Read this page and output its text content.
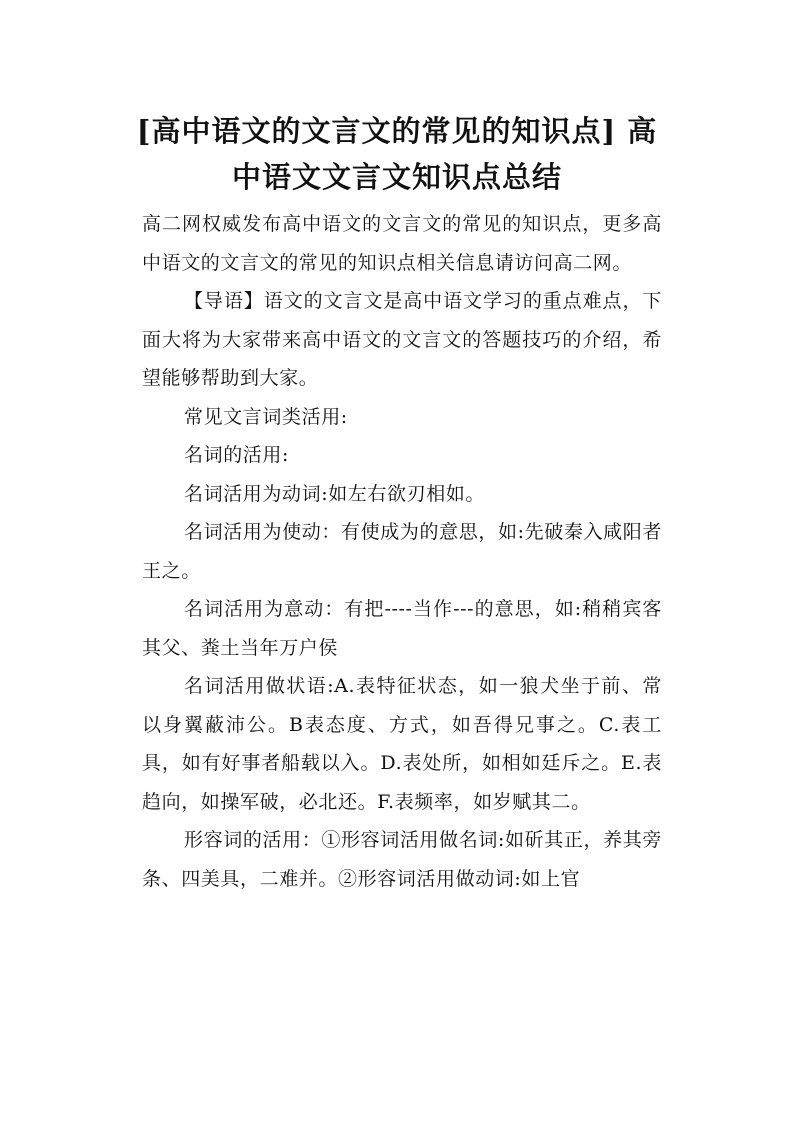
[高中语文的文言文的常见的知识点] 高
中语文文言文知识点总结

高二网权威发布高中语文的文言文的常见的知识点，更多高中语文的文言文的常见的知识点相关信息请访问高二网。

【导语】语文的文言文是高中语文学习的重点难点，下面大将为大家带来高中语文的文言文的答题技巧的介绍，希望能够帮助到大家。

常见文言词类活用:

名词的活用:

名词活用为动词:如左右欲刃相如。

名词活用为使动：有使成为的意思，如:先破秦入咸阳者王之。

名词活用为意动：有把----当作---的意思，如:稍稍宾客其父、粪土当年万户侯

名词活用做状语:A.表特征状态，如一狼犬坐于前、常以身翼蔽沛公。B表态度、方式，如吾得兄事之。C.表工具，如有好事者船载以入。D.表处所，如相如廷斥之。E.表趋向，如操军破，必北还。F.表频率，如岁赋其二。

形容词的活用：①形容词活用做名词:如斫其正，养其旁条、四美具，二难并。②形容词活用做动词:如上官
